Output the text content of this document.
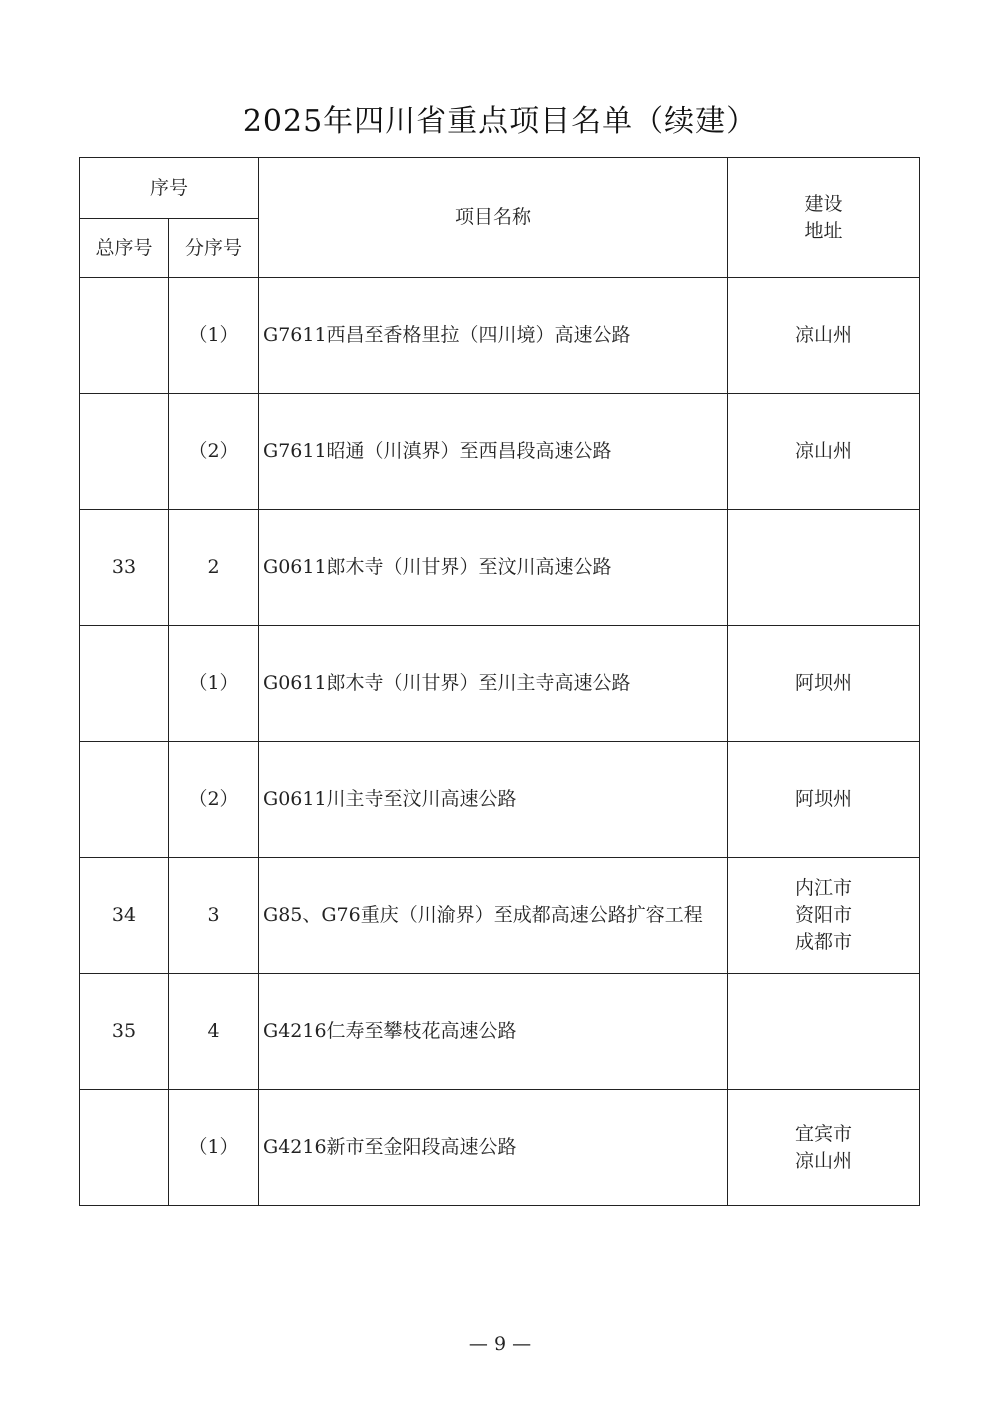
2025年四川省重点项目名单（续建）
序号		项目名称	建设
地址

总序号	分序号		
	（1）	G7611西昌至香格里拉（四川境）高速公路	凉山州

	（2）	G7611昭通（川滇界）至西昌段高速公路	凉山州

33	2	G0611郎木寺（川甘界）至汶川高速公路	
	（1）	G0611郎木寺（川甘界）至川主寺高速公路	阿坝州

	（2）	G0611川主寺至汶川高速公路	阿坝州

34	3	G85、G76重庆（川渝界）至成都高速公路扩容工程	内江市
资阳市
成都市

35	4	G4216仁寿至攀枝花高速公路	
	（1）	G4216新市至金阳段高速公路	宜宾市
凉山州
— 9 —
